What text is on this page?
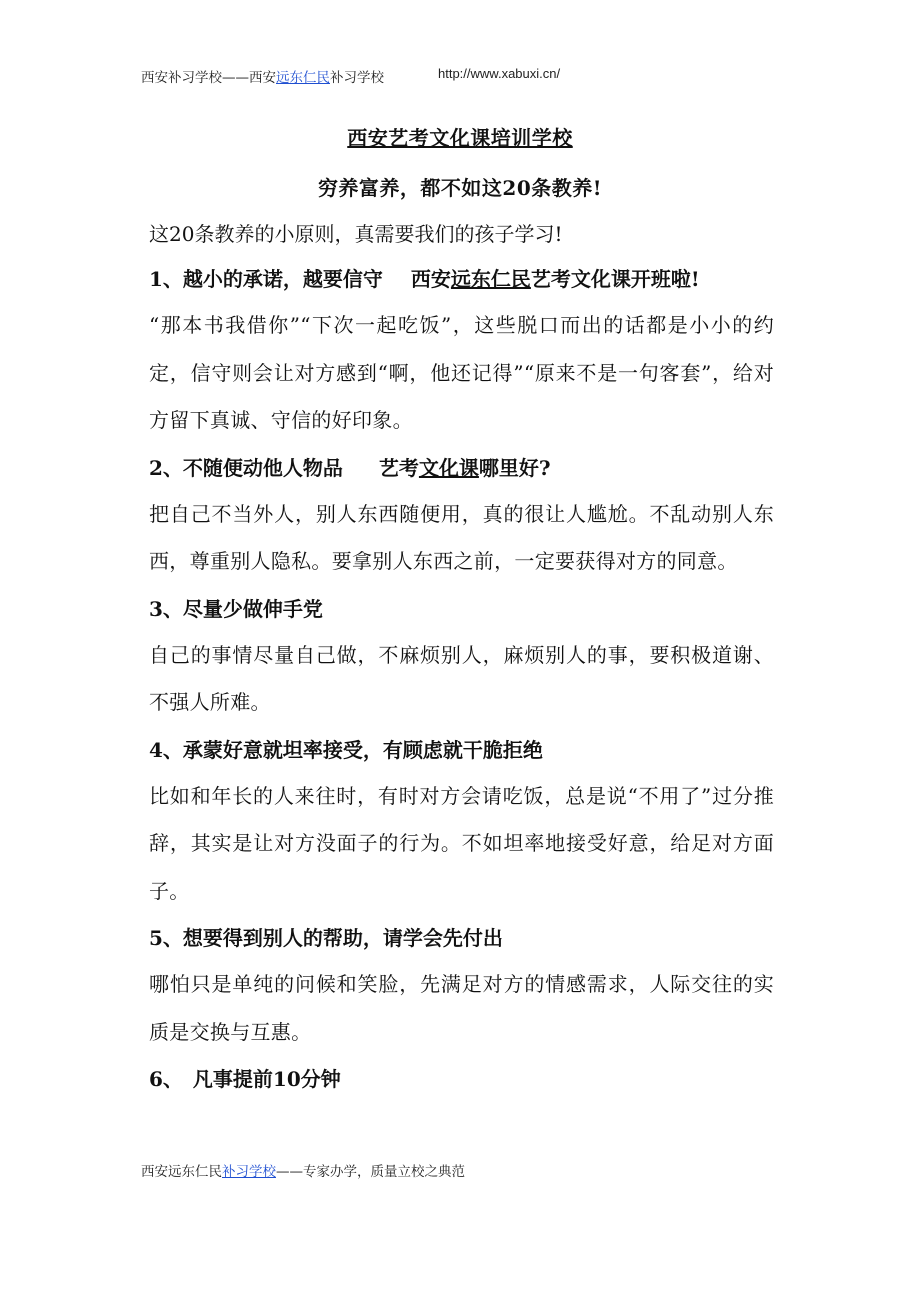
西安补习学校——西安远东仁民补习学校	http://www.xabuxi.cn/
西安艺考文化课培训学校
穷养富养，都不如这20条教养!
这20条教养的小原则，真需要我们的孩子学习!
1、越小的承诺，越要信守 西安远东仁民艺考文化课开班啦!
“那本书我借你”“下次一起吃饭”，这些脱口而出的话都是小小的约定，信守则会让对方感到“啊，他还记得”“原来不是一句客套”，给对方留下真诚、守信的好印象。
2、不随便动他人物品 艺考文化课哪里好?
把自己不当外人，别人东西随便用，真的很让人尴尬。不乱动别人东西，尊重别人隐私。要拿别人东西之前，一定要获得对方的同意。
3、尽量少做伸手党
自己的事情尽量自己做，不麻烦别人，麻烦别人的事，要积极道谢、不强人所难。
4、承蒙好意就坦率接受，有顾虑就干脆拒绝
比如和年长的人来往时，有时对方会请吃饭，总是说“不用了”过分推辞，其实是让对方没面子的行为。不如坦率地接受好意，给足对方面子。
5、想要得到别人的帮助，请学会先付出
哪怕只是单纯的问候和笑脸，先满足对方的情感需求，人际交往的实质是交换与互惠。
6、　凡事提前10分钟
西安远东仁民补习学校——专家办学，质量立校之典范
